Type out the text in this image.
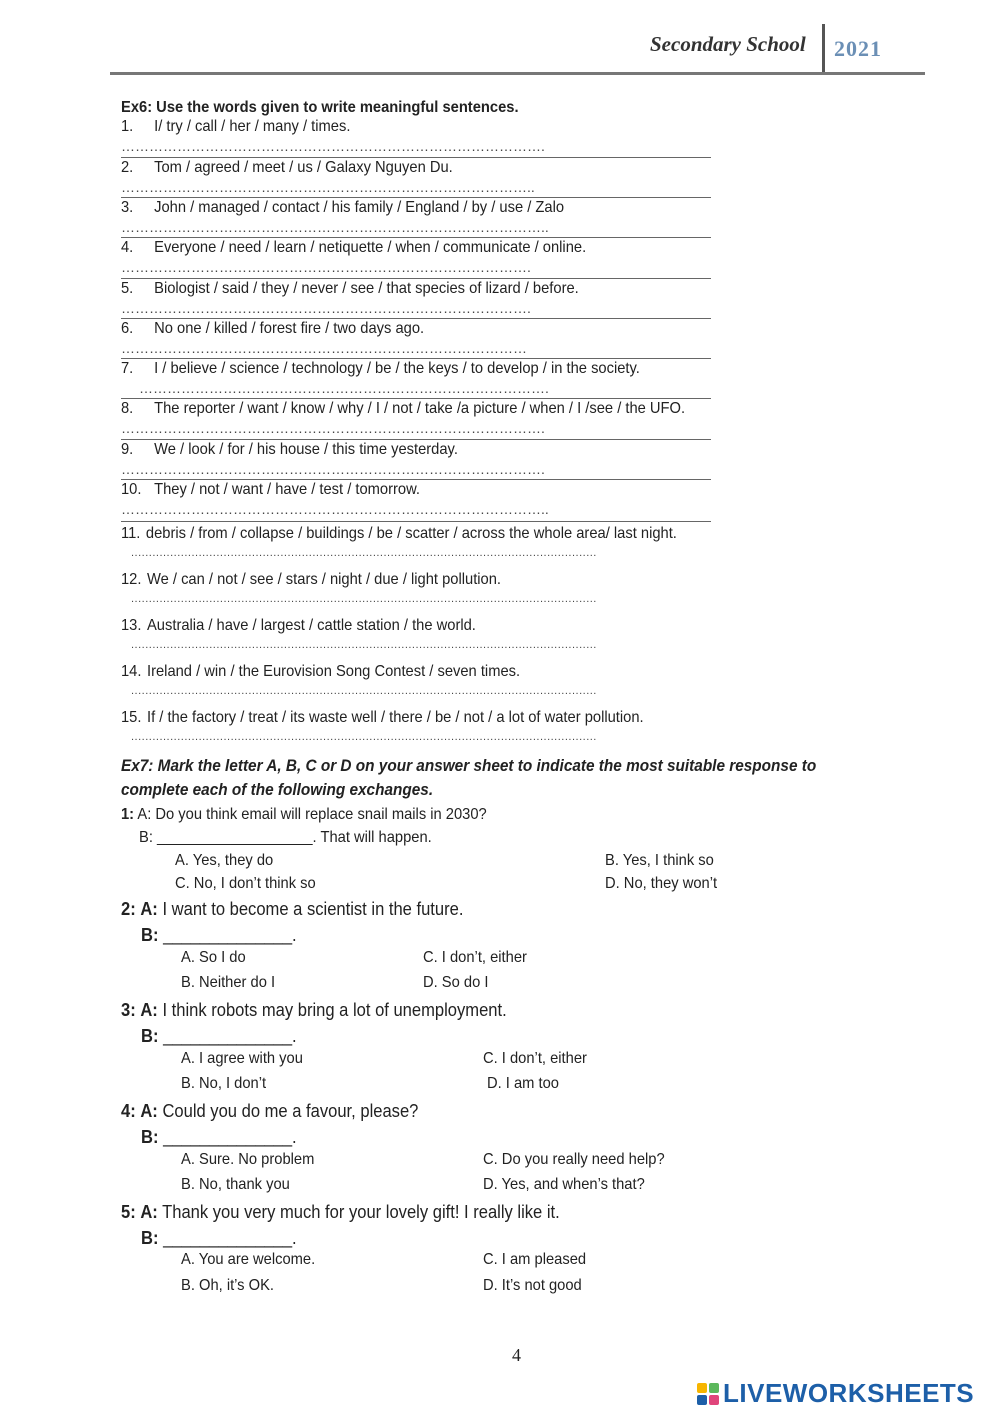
Secondary School 2021
Ex6: Use the words given to write meaningful sentences.
1. I/ try / call / her / many / times.
……………………………………………………………………………….
2. Tom / agreed / meet / us / Galaxy Nguyen Du.
……………………………………………………………………………..
3. John / managed / contact / his family / England / by / use / Zalo
………………………………………………………………………………..
4. Everyone / need / learn / netiquette / when / communicate / online.
…………………………………………………………………………….
5. Biologist / said / they / never / see / that species of lizard / before.
…………………………………………………………………………….
6. No one / killed / forest fire / two days ago.
……………………………………………………………………………
7. I / believe / science / technology / be / the keys / to develop / in the society.
…………………………………………………………………………….
8. The reporter / want / know / why / I / not / take /a picture / when / I /see / the UFO.
……………………………………………………………………………….
9. We / look / for / his house / this time yesterday.
……………………………………………………………………………….
10. They / not / want / have / test / tomorrow.
………………………………………………………………………………..
11. debris / from / collapse / buildings / be / scatter / across the whole area/ last night.
...................................................................................................................................
12. We / can / not / see / stars / night / due / light pollution.
...................................................................................................................................
13. Australia / have / largest / cattle station / the world.
...................................................................................................................................
14. Ireland / win / the Eurovision Song Contest / seven times.
...................................................................................................................................
15. If / the factory / treat / its waste well / there / be / not / a lot of water pollution.
...................................................................................................................................
Ex7: Mark the letter A, B, C or D on your answer sheet to indicate the most suitable response to
complete each of the following exchanges.
1: A: Do you think email will replace snail mails in 2030?
B: ___________________. That will happen.
A. Yes, they do	B. Yes, I think so
C. No, I don’t think so	D. No, they won’t
2: A: I want to become a scientist in the future.
B: ______________.
A. So I do	C. I don’t, either
B. Neither do I	D. So do I
3: A: I think robots may bring a lot of unemployment.
B: ______________.
A. I agree with you	C. I don’t, either
B. No, I don’t	D. I am too
4: A: Could you do me a favour, please?
B: ______________.
A. Sure. No problem	C. Do you really need help?
B. No, thank you	D. Yes, and when’s that?
5: A: Thank you very much for your lovely gift! I really like it.
B: ______________.
A. You are welcome.	C. I am pleased
B. Oh, it’s OK.	D. It’s not good
4
LIVEWORKSHEETS
